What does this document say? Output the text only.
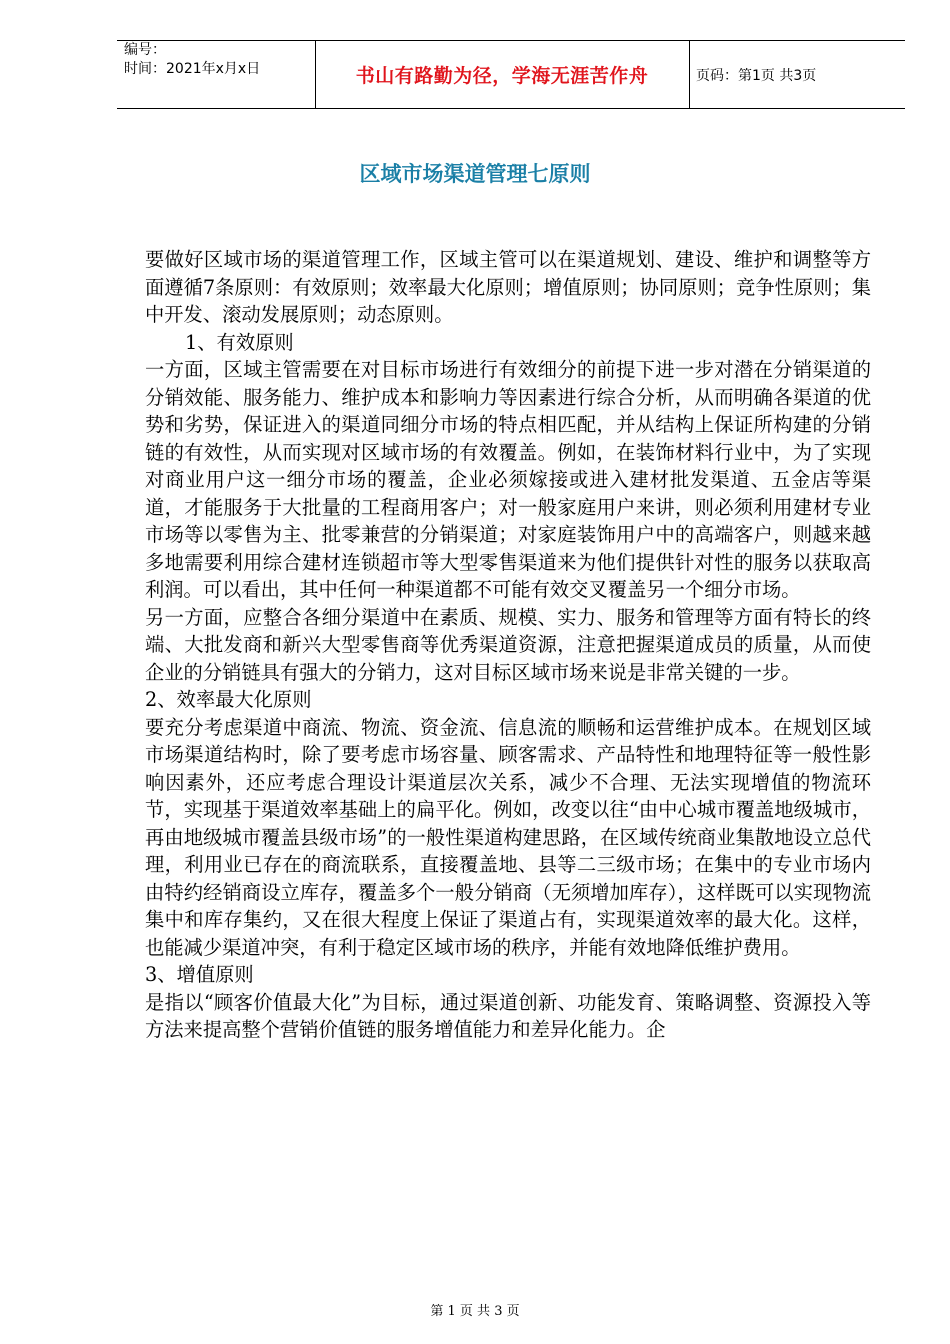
编号：
时间：2021年x月x日	书山有路勤为径，学海无涯苦作舟	页码：第1页 共3页
区域市场渠道管理七原则

要做好区域市场的渠道管理工作，区域主管可以在渠道规划、建设、维护和调整等方面遵循7条原则：有效原则；效率最大化原则；增值原则；协同原则；竞争性原则；集中开发、滚动发展原则；动态原则。

1、有效原则

一方面，区域主管需要在对目标市场进行有效细分的前提下进一步对潜在分销渠道的分销效能、服务能力、维护成本和影响力等因素进行综合分析，从而明确各渠道的优势和劣势，保证进入的渠道同细分市场的特点相匹配，并从结构上保证所构建的分销链的有效性，从而实现对区域市场的有效覆盖。例如，在装饰材料行业中，为了实现对商业用户这一细分市场的覆盖，企业必须嫁接或进入建材批发渠道、五金店等渠道，才能服务于大批量的工程商用客户；对一般家庭用户来讲，则必须利用建材专业市场等以零售为主、批零兼营的分销渠道；对家庭装饰用户中的高端客户，则越来越多地需要利用综合建材连锁超市等大型零售渠道来为他们提供针对性的服务以获取高利润。可以看出，其中任何一种渠道都不可能有效交叉覆盖另一个细分市场。

另一方面，应整合各细分渠道中在素质、规模、实力、服务和管理等方面有特长的终端、大批发商和新兴大型零售商等优秀渠道资源，注意把握渠道成员的质量，从而使企业的分销链具有强大的分销力，这对目标区域市场来说是非常关键的一步。

2、效率最大化原则

要充分考虑渠道中商流、物流、资金流、信息流的顺畅和运营维护成本。在规划区域市场渠道结构时，除了要考虑市场容量、顾客需求、产品特性和地理特征等一般性影响因素外，还应考虑合理设计渠道层次关系，减少不合理、无法实现增值的物流环节，实现基于渠道效率基础上的扁平化。例如，改变以往“由中心城市覆盖地级城市，再由地级城市覆盖县级市场”的一般性渠道构建思路，在区域传统商业集散地设立总代理，利用业已存在的商流联系，直接覆盖地、县等二三级市场；在集中的专业市场内由特约经销商设立库存，覆盖多个一般分销商（无须增加库存），这样既可以实现物流集中和库存集约，又在很大程度上保证了渠道占有，实现渠道效率的最大化。这样，也能减少渠道冲突，有利于稳定区域市场的秩序，并能有效地降低维护费用。

3、增值原则

是指以“顾客价值最大化”为目标，通过渠道创新、功能发育、策略调整、资源投入等方法来提高整个营销价值链的服务增值能力和差异化能力。企

第 1 页 共 3 页
